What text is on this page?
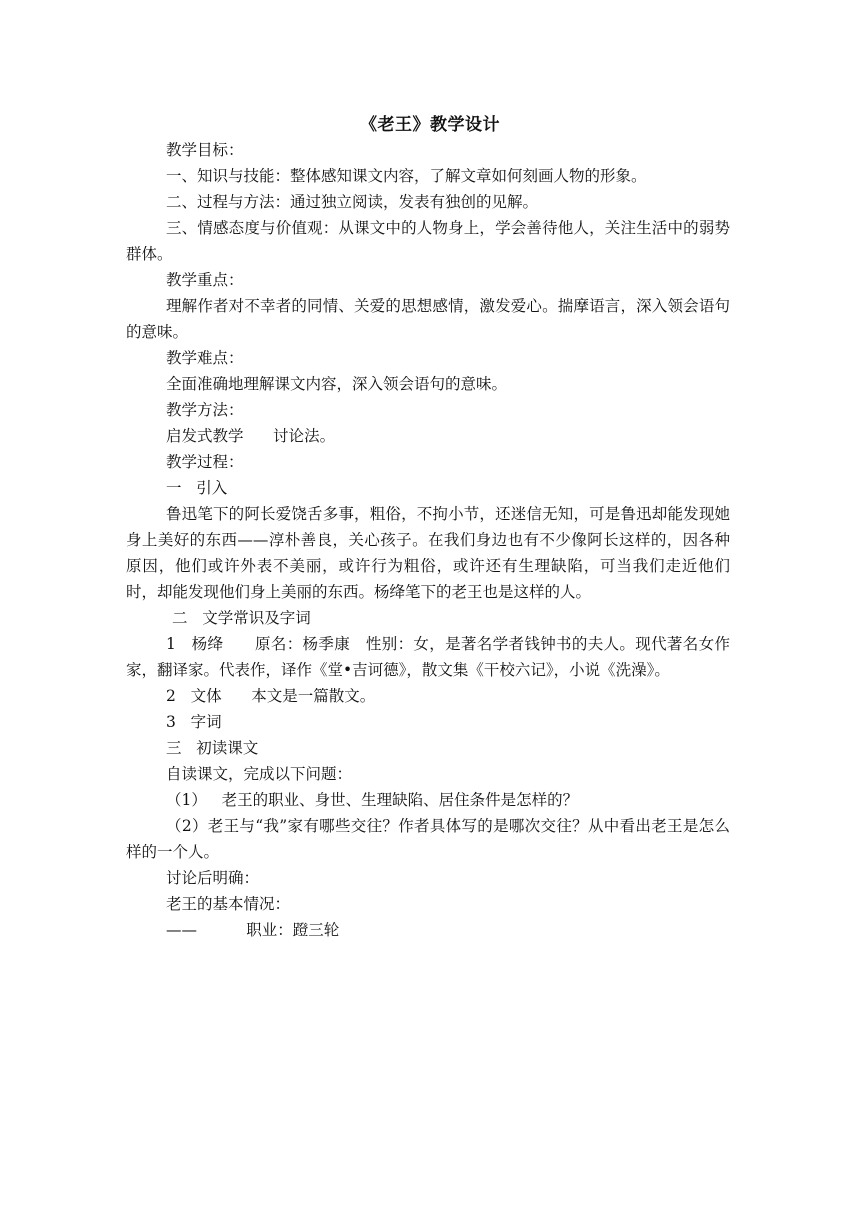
《老王》教学设计

教学目标：

一、知识与技能：整体感知课文内容，了解文章如何刻画人物的形象。

二、过程与方法：通过独立阅读，发表有独创的见解。

三、情感态度与价值观：从课文中的人物身上，学会善待他人，关注生活中的弱势群体。

教学重点：

理解作者对不幸者的同情、关爱的思想感情，激发爱心。揣摩语言，深入领会语句的意味。

教学难点：

全面准确地理解课文内容，深入领会语句的意味。

教学方法：

启发式教学      讨论法。

教学过程：

一   引入

鲁迅笔下的阿长爱饶舌多事，粗俗，不拘小节，还迷信无知，可是鲁迅却能发现她身上美好的东西——淳朴善良，关心孩子。在我们身边也有不少像阿长这样的，因各种原因，他们或许外表不美丽，或许行为粗俗，或许还有生理缺陷，可当我们走近他们时，却能发现他们身上美丽的东西。杨绛笔下的老王也是这样的人。

二   文学常识及字词

1   杨绛      原名：杨季康   性别：女，是著名学者钱钟书的夫人。现代著名女作家，翻译家。代表作，译作《堂•吉诃德》，散文集《干校六记》，小说《洗澡》。

2   文体      本文是一篇散文。

3   字词

三   初读课文

自读课文，完成以下问题：

（1）   老王的职业、身世、生理缺陷、居住条件是怎样的？

（2）老王与“我”家有哪些交往？作者具体写的是哪次交往？从中看出老王是怎么样的一个人。

讨论后明确：

老王的基本情况：

——          职业：蹬三轮
